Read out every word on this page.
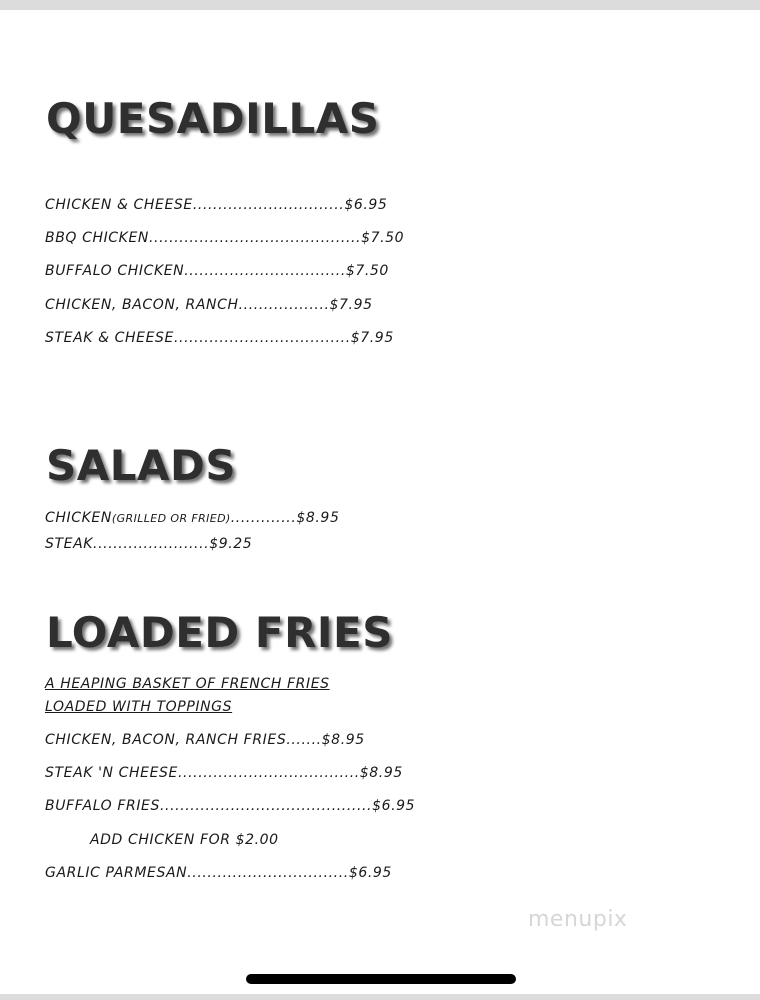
QUESADILLAS
CHICKEN & CHEESE..............................$6.95
BBQ CHICKEN..........................................$7.50
BUFFALO CHICKEN................................$7.50
CHICKEN, BACON, RANCH..................$7.95
STEAK & CHEESE...................................$7.95
SALADS
CHICKEN(GRILLED OR FRIED).............$8.95
STEAK.......................$9.25
LOADED FRIES
A HEAPING BASKET OF FRENCH FRIES
LOADED WITH TOPPINGS
CHICKEN, BACON, RANCH FRIES.......$8.95
STEAK 'N CHEESE....................................$8.95
BUFFALO FRIES..........................................$6.95
ADD CHICKEN FOR $2.00
GARLIC PARMESAN................................$6.95
menupix
